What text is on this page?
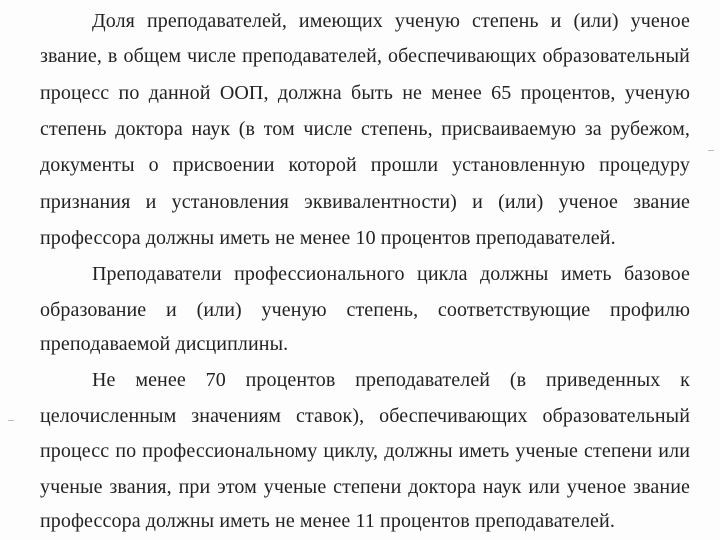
Доля преподавателей, имеющих ученую степень и (или) ученое
звание, в общем числе преподавателей, обеспечивающих образовательный
процесс по данной ООП, должна быть не менее 65 процентов, ученую
степень доктора наук (в том числе степень, присваиваемую за рубежом,
документы о присвоении которой прошли установленную процедуру
признания и установления эквивалентности) и (или) ученое звание
профессора должны иметь не менее 10 процентов преподавателей.
Преподаватели профессионального цикла должны иметь базовое
образование и (или) ученую степень, соответствующие профилю
преподаваемой дисциплины.
Не менее 70 процентов преподавателей (в приведенных к
целочисленным значениям ставок), обеспечивающих образовательный
процесс по профессиональному циклу, должны иметь ученые степени или
ученые звания, при этом ученые степени доктора наук или ученое звание
профессора должны иметь не менее 11 процентов преподавателей.
